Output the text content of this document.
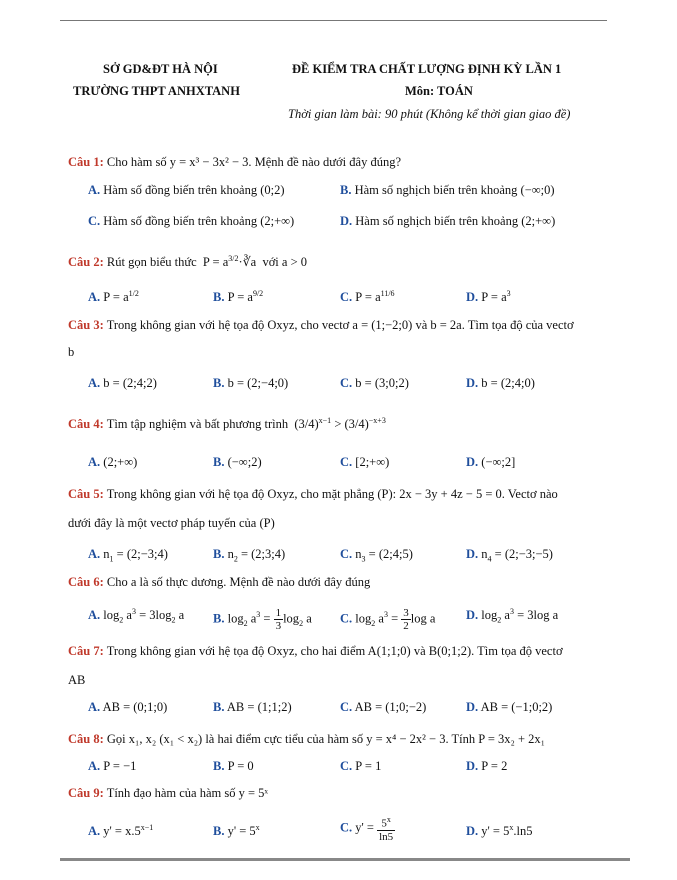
SỞ GD&ĐT HÀ NỘI
TRƯỜNG THPT ANHXTANH
ĐỀ KIỂM TRA CHẤT LƯỢNG ĐỊNH KỲ LẦN 1
Môn: TOÁN
Thời gian làm bài: 90 phút (Không kể thời gian giao đề)
Câu 1: Cho hàm số y = x³ − 3x² − 3. Mệnh đề nào dưới đây đúng?
A. Hàm số đồng biến trên khoảng (0;2)	B. Hàm số nghịch biến trên khoảng (−∞;0)
C. Hàm số đồng biến trên khoảng (2;+∞)	D. Hàm số nghịch biến trên khoảng (2;+∞)
Câu 2: Rút gọn biểu thức  $P = a^{3/2}\cdot∛a$  với a > 0
A. $P = a^{1/2}$	B. $P = a^{9/2}$	C. $P = a^{11/6}$	D. $P = a^3$
Câu 3: Trong không gian với hệ tọa độ Oxyz, cho vectơ a = (1;−2;0) và b = 2a. Tìm tọa độ của vectơ
b
A. b = (2;4;2)	B. b = (2;−4;0)	C. b = (3;0;2)	D. b = (2;4;0)
Câu 4: Tìm tập nghiệm và bất phương trình  $(3/4)^{x-1} > (3/4)^{-x+3}$
A. (2;+∞)	B. (−∞;2)	C. [2;+∞)	D. (−∞;2]
Câu 5: Trong không gian với hệ tọa độ Oxyz, cho mặt phẳng (P): 2x − 3y + 4z − 5 = 0. Vectơ nào
dưới đây là một vectơ pháp tuyến của (P)
A. $n_1$ = (2;−3;4)	B. $n_2$ = (2;3;4)	C. $n_3$ = (2;4;5)	D. $n_4$ = (2;−3;−5)
Câu 6: Cho a là số thực dương. Mệnh đề nào dưới đây đúng
A. $\log_2 a^3 = 3\log_2$ a B. $\log_2 a^3 = \frac{1}{3} \log_2 a$ C. $\log_2 a^3 = \frac{3}{2}$ log a D. $\log_2 a^3 = 3\log$ a
Câu 7: Trong không gian với hệ tọa độ Oxyz, cho hai điểm A(1;1;0) và B(0;1;2). Tìm tọa độ vectơ
AB
A. AB = (0;1;0)	B. AB = (1;1;2)	C. AB = (1;0;−2)	D. AB = (−1;0;2)
Câu 8: Gọi x₁, x₂ (x₁ < x₂) là hai điểm cực tiểu của hàm số y = x⁴ − 2x² − 3. Tính P = 3x₂ + 2x₁
A. P = −1	B. P = 0	C. P = 1	D. P = 2
Câu 9: Tính đạo hàm của hàm số y = 5ˣ
A. $y' = x.5^{x-1}$	B. $y' = 5^x$	C. $y' = \frac{5^x}{\ln 5}$	D. $y' = 5^x.\ln 5$
